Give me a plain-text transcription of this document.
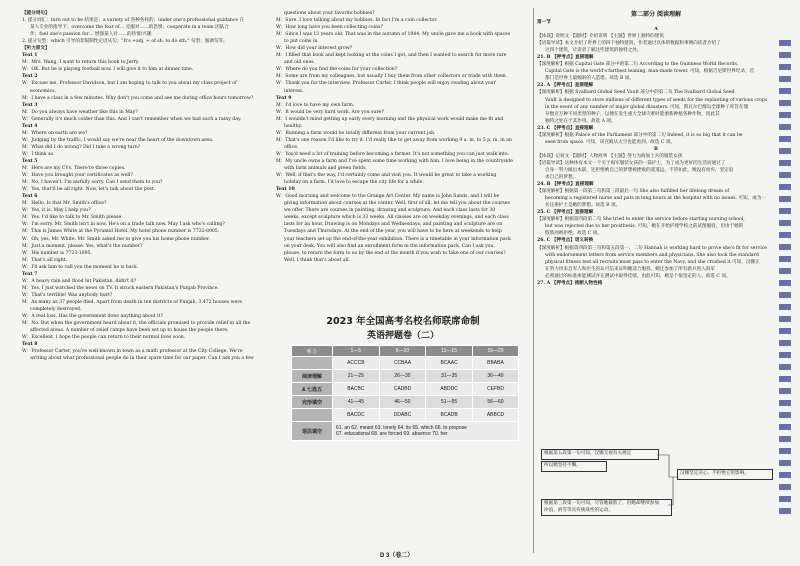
【提分词句】
1. 提分词汇：turn out to be 结果是；a variety of 各种各样的；under one's professional guidance 在
某人专业的指导下；overcome the fear of… 克服对……的恐惧；cooperate in a team 团队合
作；fuel one's passion for… 增强某人对……的热情/兴趣
2. 提分句型：which 引导的非限制性定语从句；"It's +adj. + of sb. to do sth." 句型；强调句等。
【听力原文】
Text 1
M：Mrs. Wang, I want to return this book to Jerry.
W：OK. But he is playing football now. I will give it to him at dinner time.
Text 2
W：Excuse me, Professor Davidson, but I am hoping to talk to you about my class project of
economics.
M：I have a class in a few minutes. Why don't you come and see me during office hours tomorrow?
Text 3
M：Do you always have weather like this in May?
W：Generally it's much colder than this. And I can't remember when we had such a rainy day.
Text 4
M：Where on earth are we?
W：Judging by the traffic, I would say we're near the heart of the downtown area.
M：What did I do wrong? Did I take a wrong turn?
W：I think so.
Text 5
M：Here are my CVs. There're three copies.
W：Have you brought your certificates as well?
M：No, I haven't. I'm awfully sorry. Can I send them to you?
W：Yes, that'll be all right. Now, let's talk about the post.
Text 6
M：Hello. Is that Mr. Smith's office?
W：Yes, it is. May I help you?
M：Yes. I'd like to talk to Mr. Smith please.
W：I'm sorry. Mr. Smith isn't in now. He's on a trade talk now. May I ask who's calling?
M：This is James White at the Pyramid Hotel. My hotel phone number is 7732-8905.
W：Oh, yes, Mr. White. Mr. Smith asked me to give you his home phone number.
M：Just a moment, please. Yes, what's the number?
W：His number is 7723-1095.
M：That's all right.
W：I'll ask him to call you the moment he is back.
Text 7
W：A heavy rain and flood hit Pakistan, didn't it?
M：Yes, I just watched the news on TV. It struck eastern Pakistan's Punjab Province.
W：That's terrible! Was anybody hurt?
M：As many as 37 people died. Apart from death in ten districts of Punjab, 3,472 houses were
completely destroyed.
W：A real loss. Has the government done anything about it?
M：No. But when the government heard about it, the officials promised to provide relief in all the
affected areas. A number of relief camps have been set up to house the people there.
W：Excellent. I hope the people can return to their normal lives soon.
Text 8
W：Professor Carter, you're well-known in town as a math professor at the City College. We're
writing about what professional people do in their spare time for our paper. Can I ask you a few
questions about your favorite hobbies?
M：Sure. I love talking about my hobbies. In fact I'm a coin collector.
W：How long have you been collecting coins?
M：Since I was 12 years old. That was in the autumn of 1984. My uncle gave me a book with spaces
to put coins in.
W：How did your interest grow?
M：I filled that book and kept looking at the coins I got, and then I wanted to search for more rare
and old ones.
W：Where do you find the coins for your collection?
M：Some are from my colleagues, but usually I buy them from other collectors or trade with them.
W：Thank you for the interview, Professor Carter. I think people will enjoy reading about your
interest.
Text 9
M：I'd love to have my own farm.
W：It would be very hard work. Are you sure?
M：I wouldn't mind getting up early every morning and the physical work would make me fit and
healthy.
W：Running a farm would be totally different from your current job.
M：That's one reason I'd like to try it. I'd really like to get away from working 9 a. m. to 5 p. m. in an
office.
W：You'd need a lot of training before becoming a farmer. It's not something you can just walk into.
M：My uncle owns a farm and I've spent some time working with him. I love being in the countryside
with farm animals and green fields.
W：Well, if that's the way, I'd certainly come and visit you. It would be great to take a working
holiday on a farm. I'd love to escape the city life for a while.
Text 10
W：Good morning and welcome to the Grange Art Center. My name is John Sands, and I will be
giving information about courses at the center. Well, first of all, let me tell you about the courses
we offer. There are courses in painting, drawing and sculpture. And each class lasts for 30
weeks, except sculpture which is 33 weeks. All classes are on weekday evenings, and each class
lasts for an hour. Drawing is on Mondays and Wednesdays, and painting and sculpture are on
Tuesdays and Thursdays. At the end of the year, you will have to be here at weekends to help
your teachers set up the end-of-the-year exhibition. There is a timetable in your information pack
on your desk. You will also find an enrollment form in the information pack. Can I ask you,
please, to return the form to us by the end of the month if you wish to take one of our courses?
Well, I think that's about all.
2023 年全国高考名校名师联席命制
英语押题卷（二）
听力	1—5	6—10	11—15	16—20
	ACCCB	CCBAA	BCAAC	BBABA
阅读理解	21—25	26—30	31—35	36—40
& 七选五	BACBC	CADBD	ABDDC	CEFBD
完形填空	41—45	46—50	51—55	56—60
	BACDC	DDABC	BCADB	ABBCD
语法填空	61. an 62. meant 63. lonely 64. its 65. which 66. to propose
67. educational 68. are forced 69. absence 70. her			
第二部分 阅读理解
第一节
A
【体裁】说明文 【题材】介绍说明 【主题】世界上独特的建筑
【语篇导读】本文介绍了世界上的四个独特建筑，作者通过具体的数据和事例向读者介绍了
这四个建筑，让读者了解这些建筑的独特之处。
21. B 【押考点】直接理解
【深度解析】根据 Capital Gate 部分中的第二句 According to the Guinness World Records,
Capital Gate is the world's farthest leaning, man-made tower. 可知，根据吉尼斯世界纪录，首
都门是世界上最倾斜的人造塔。故选 B 项。
22. A 【押考点】直接理解
【深度解析】根据 Svalbard Global Seed Vault 部分中的第二句 The Svalbard Global Seed
Vault is designed to store millions of different types of seeds for the replanting of various crops
in the event of any number of major global disasters. 可知，斯瓦尔巴群岛全球种子库旨在储
存数百万种不同类型的种子，以便在发生重大全球灾难时能重新种植各种作物，因此其
独特之处在于其作用。故选 A 项。
23. C 【押考点】直接理解
【深度解析】根据 Palace of the Parliament 部分中的第二句 Indeed, it is so big that it can be
seen from space. 可知，该宫殿从太空也能看到。故选 C 项。
B
【体裁】记叙文 【题材】人物故事 【主题】努力为海加士兵的服装女孩
【语篇导读】这种体育本文一个关于海军服装女孩的一篇护士，为了成为更好的生活而通过了
自身一努力做出本职，还拒绝被自己的梦想被挫败的遥遥远，不管如此，她没有放弃，坚定追
求自己的梦想。
24. B 【押考点】直接理解
【深度解析】根据第一段第三句和第三段最后一句 Sho also fulfilled her lifelong dream of
becoming a registered nurse and puts in long hours at the hospital with no issues. 可知，成为一
名注册护士是她的梦想。故选 B 项。
25. C 【押考点】直接理解
【深度解析】根据第四段第二句 She tried to enter the service before starting nursing school,
but was rejected due to her prosthesis. 可知，她在开始护理学校之前试图服役，但由于她的
假肢而被拒绝。故选 C 项。
26. C 【押考点】语义转换
【深度解析】根据第四段第三句和第五段第一、二句 Hannah is working hard to prove she's fit for service
with endorsement letters from service members and physicians. She also took the standard
physical fitness test all recruits must pass to enter the Navy, and she crushed it 可知，汉娜正
在努力用来自军人和医生的认可信来证明她适合服役。她还参加了所有新兵进入海军
必须通过的标准体能测试并在测试中取得佳绩。由此可知，她是个很坚定的人。故选 C 项。
27. A 【押考点】推断人物性格
根据第五段第一句可知，汉娜无视有关规定
所以她坚持不懈。
汉娜坚定决心，不拒绝它的影响。
根据第三段第一句可知，尽管她截肢了，但她却继续参加
冲浪、滑雪等具有挑战性的运动。
D 3（卷二）
